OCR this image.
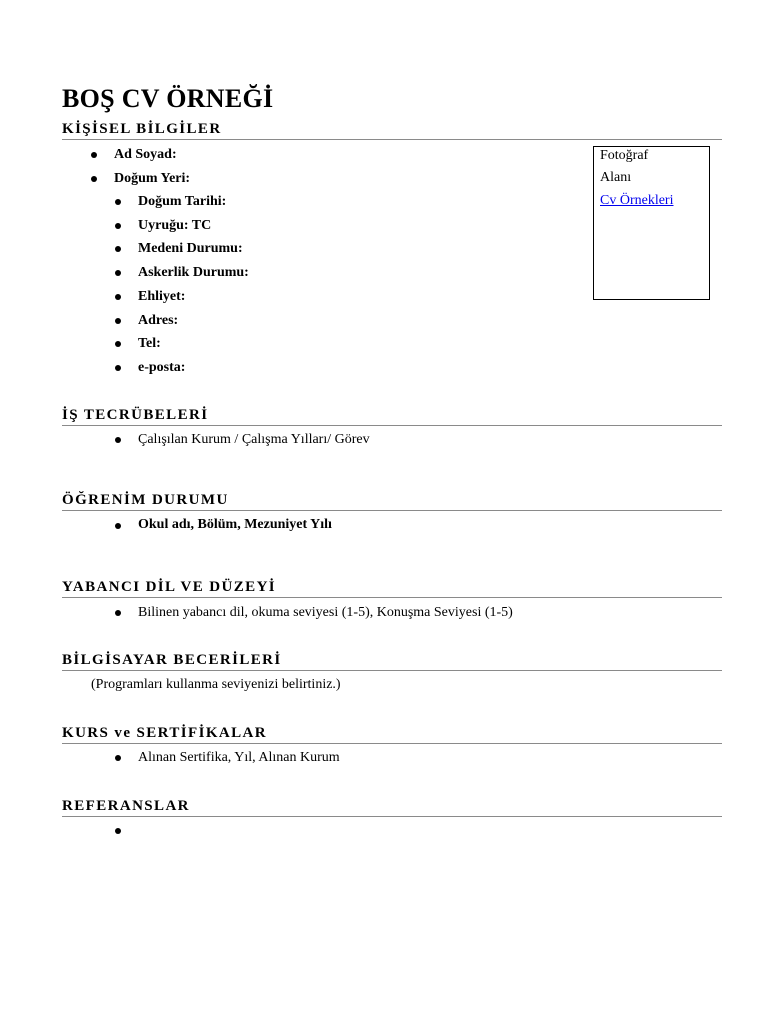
BOŞ CV ÖRNEĞİ
KİŞİSEL BİLGİLER
Ad Soyad:
Doğum Yeri:
Doğum Tarihi:
Uyruğu: TC
Medeni Durumu:
Askerlik Durumu:
Ehliyet:
Adres:
Tel:
e-posta:
Fotoğraf
Alanı
Cv Örnekleri
İŞ TECRÜBELERİ
Çalışılan Kurum / Çalışma Yılları/ Görev
ÖĞRENİM DURUMU
Okul adı, Bölüm, Mezuniyet Yılı
YABANCI DİL VE DÜZEYİ
Bilinen yabancı dil, okuma seviyesi (1-5), Konuşma Seviyesi (1-5)
BİLGİSAYAR BECERİLERİ
(Programları kullanma seviyenizi belirtiniz.)
KURS ve SERTİFİKALAR
Alınan Sertifika, Yıl, Alınan Kurum
REFERANSLAR
